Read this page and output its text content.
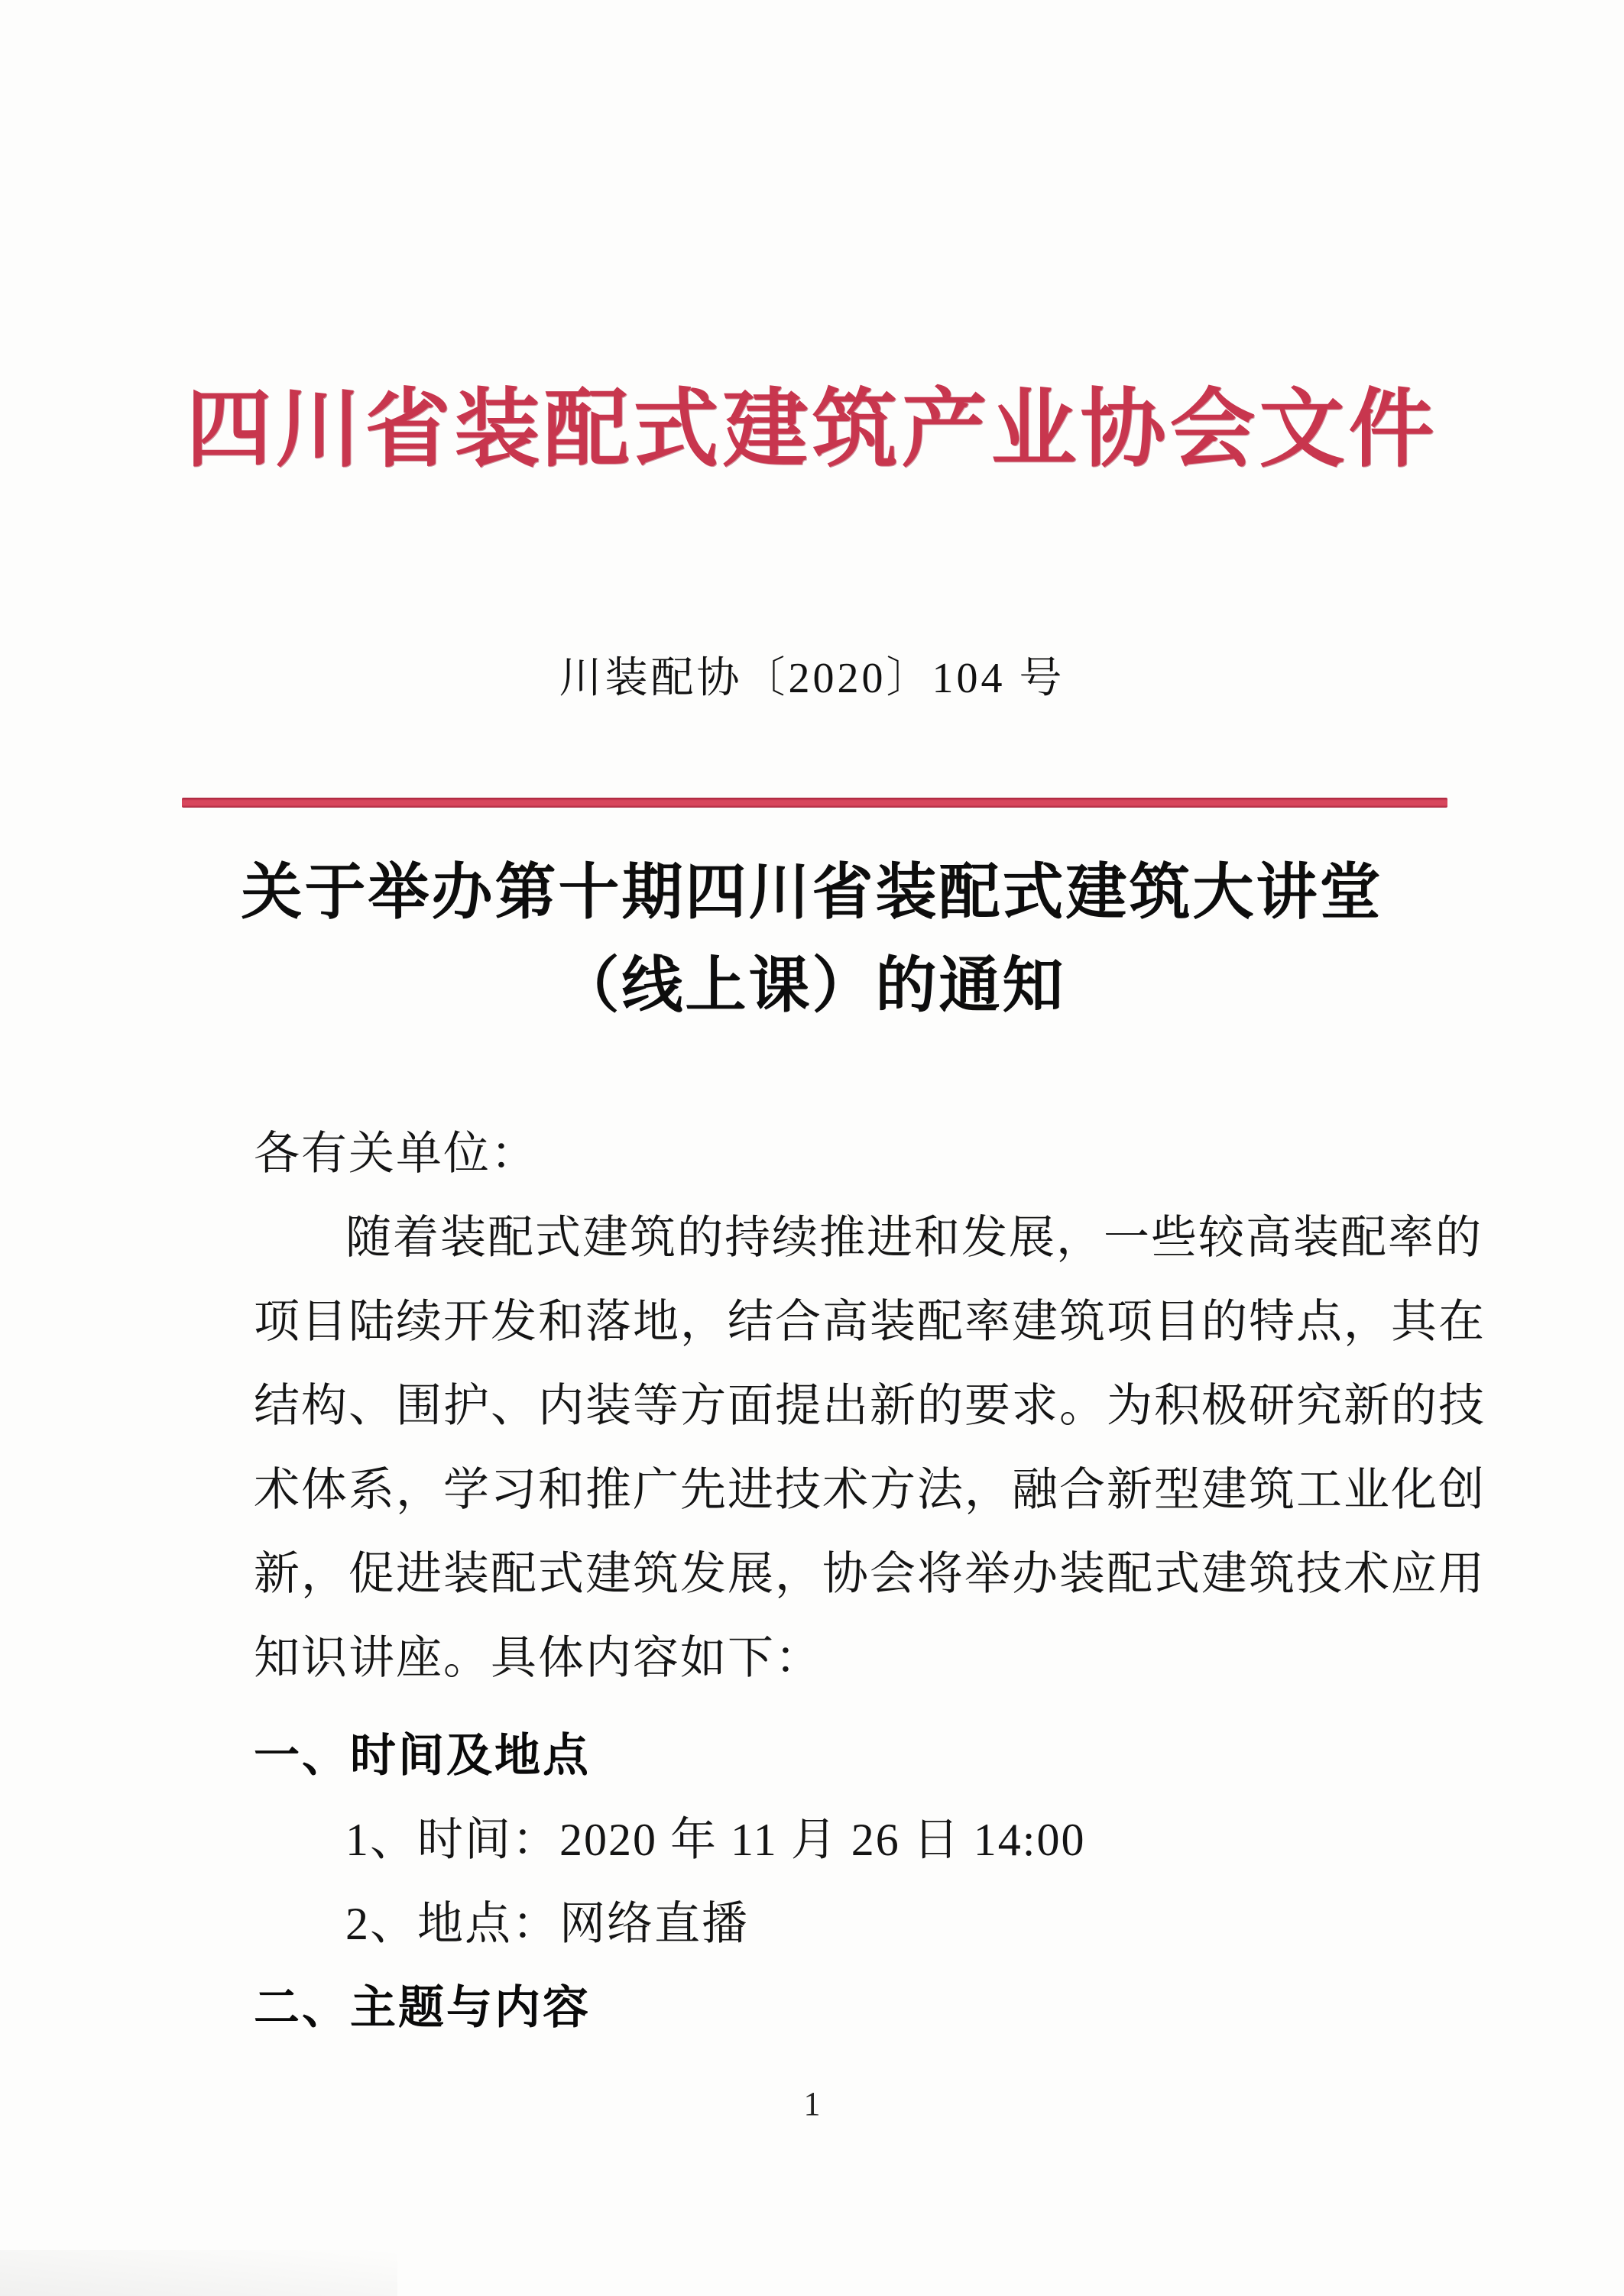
四川省装配式建筑产业协会文件
川装配协〔2020〕104 号
关于举办第十期四川省装配式建筑大讲堂
（线上课）的通知
各有关单位：
随着装配式建筑的持续推进和发展，一些较高装配率的
项目陆续开发和落地，结合高装配率建筑项目的特点，其在
结构、围护、内装等方面提出新的要求。为积极研究新的技
术体系，学习和推广先进技术方法，融合新型建筑工业化创
新，促进装配式建筑发展，协会将举办装配式建筑技术应用
知识讲座。具体内容如下：
一、时间及地点
1、时间：2020 年 11 月 26 日 14:00
2、地点：网络直播
二、主题与内容
1
